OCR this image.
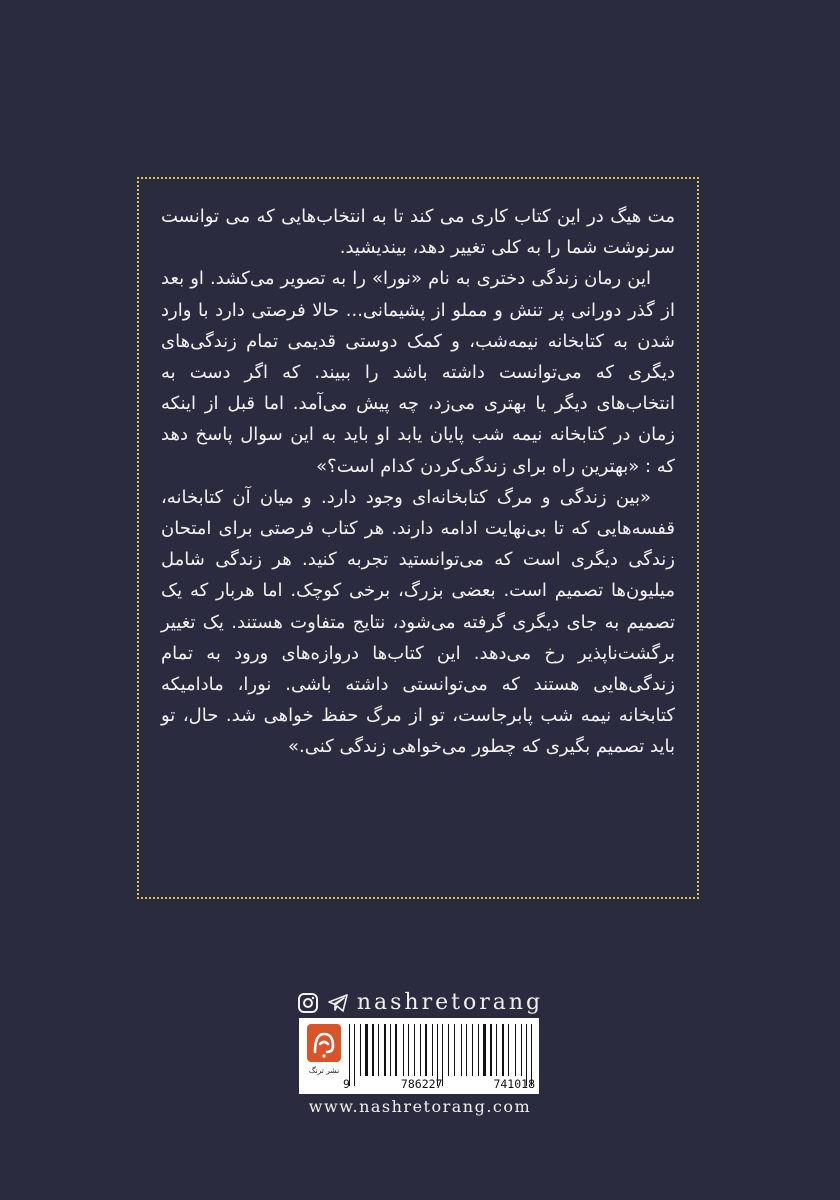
مت هیگ در این کتاب کاری می کند تا به انتخاب‌هایی که می توانست سرنوشت شما را به کلی تغییر دهد، بیندیشید.

این رمان زندگی دختری به نام «نورا» را به تصویر می‌کشد. او بعد از گذر دورانی پر تنش و مملو از پشیمانی... حالا فرصتی دارد با وارد شدن به کتابخانه نیمه‌شب، و کمک دوستی قدیمی تمام زندگی‌های دیگری که می‌توانست داشته باشد را ببیند. که اگر دست به انتخاب‌های دیگر یا بهتری می‌زد، چه پیش می‌آمد. اما قبل از اینکه زمان در کتابخانه نیمه شب پایان یابد او باید به این سوال پاسخ دهد که : «بهترین راه برای زندگی‌کردن کدام است؟»

«بین زندگی و مرگ کتابخانه‌ای وجود دارد. و میان آن کتابخانه، قفسه‌هایی که تا بی‌نهایت ادامه دارند. هر کتاب فرصتی برای امتحان زندگی دیگری است که می‌توانستید تجربه کنید. هر زندگی شامل میلیون‌ها تصمیم است. بعضی بزرگ، برخی کوچک. اما هربار که یک تصمیم به جای دیگری گرفته می‌شود، نتایج متفاوت هستند. یک تغییر برگشت‌ناپذیر رخ می‌دهد. این کتاب‌ها دروازه‌های ورود به تمام زندگی‌هایی هستند که می‌توانستی داشته باشی. نورا، مادامیکه کتابخانه نیمه شب پابرجاست، تو از مرگ حفظ خواهی شد. حال، تو باید تصمیم بگیری که چطور می‌خواهی زندگی کنی.»

nashretorang
نشر ترنگ
9	786227	741018
www.nashretorang.com
